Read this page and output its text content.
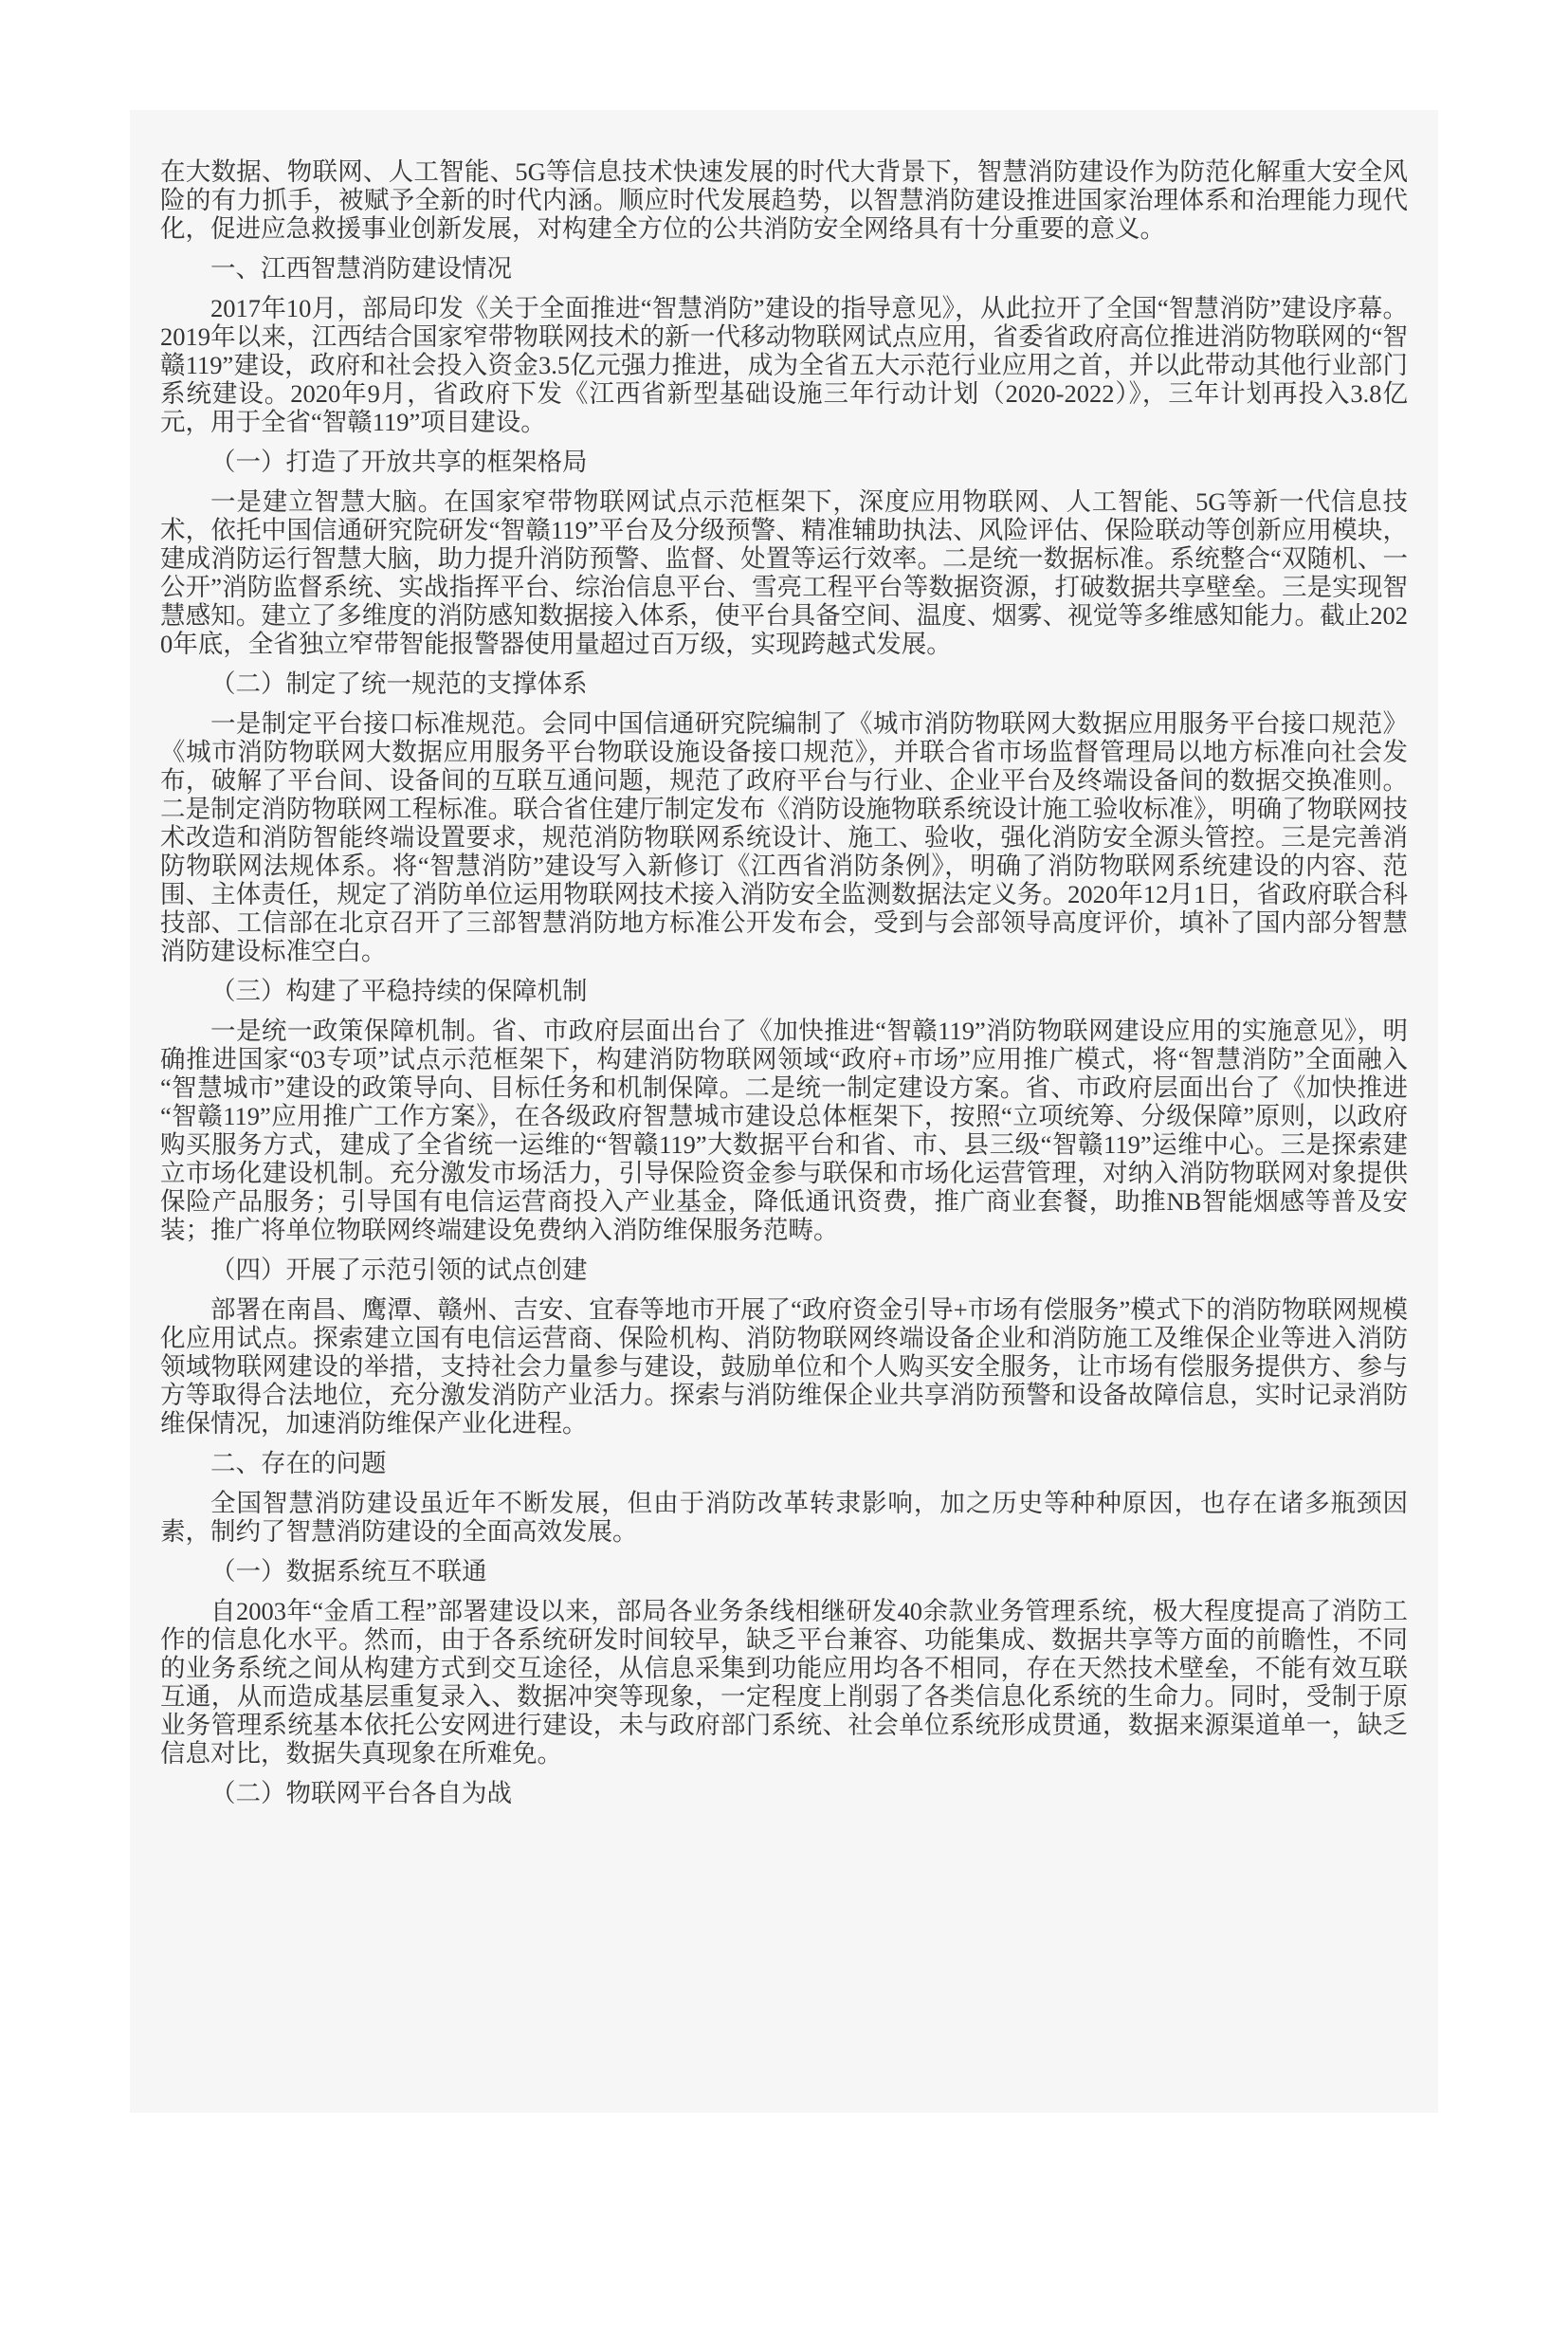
在大数据、物联网、人工智能、5G等信息技术快速发展的时代大背景下，智慧消防建设作为防范化解重大安全风险的有力抓手，被赋予全新的时代内涵。顺应时代发展趋势，以智慧消防建设推进国家治理体系和治理能力现代化，促进应急救援事业创新发展，对构建全方位的公共消防安全网络具有十分重要的意义。

一、江西智慧消防建设情况

2017年10月，部局印发《关于全面推进“智慧消防”建设的指导意见》，从此拉开了全国“智慧消防”建设序幕。2019年以来，江西结合国家窄带物联网技术的新一代移动物联网试点应用，省委省政府高位推进消防物联网的“智赣119”建设，政府和社会投入资金3.5亿元强力推进，成为全省五大示范行业应用之首，并以此带动其他行业部门系统建设。2020年9月，省政府下发《江西省新型基础设施三年行动计划（2020-2022）》，三年计划再投入3.8亿元，用于全省“智赣119”项目建设。

（一）打造了开放共享的框架格局

一是建立智慧大脑。在国家窄带物联网试点示范框架下，深度应用物联网、人工智能、5G等新一代信息技术，依托中国信通研究院研发“智赣119”平台及分级预警、精准辅助执法、风险评估、保险联动等创新应用模块，建成消防运行智慧大脑，助力提升消防预警、监督、处置等运行效率。二是统一数据标准。系统整合“双随机、一公开”消防监督系统、实战指挥平台、综治信息平台、雪亮工程平台等数据资源，打破数据共享壁垒。三是实现智慧感知。建立了多维度的消防感知数据接入体系，使平台具备空间、温度、烟雾、视觉等多维感知能力。截止2020年底，全省独立窄带智能报警器使用量超过百万级，实现跨越式发展。

（二）制定了统一规范的支撑体系

一是制定平台接口标准规范。会同中国信通研究院编制了《城市消防物联网大数据应用服务平台接口规范》《城市消防物联网大数据应用服务平台物联设施设备接口规范》，并联合省市场监督管理局以地方标准向社会发布，破解了平台间、设备间的互联互通问题，规范了政府平台与行业、企业平台及终端设备间的数据交换准则。二是制定消防物联网工程标准。联合省住建厅制定发布《消防设施物联系统设计施工验收标准》，明确了物联网技术改造和消防智能终端设置要求，规范消防物联网系统设计、施工、验收，强化消防安全源头管控。三是完善消防物联网法规体系。将“智慧消防”建设写入新修订《江西省消防条例》，明确了消防物联网系统建设的内容、范围、主体责任，规定了消防单位运用物联网技术接入消防安全监测数据法定义务。2020年12月1日，省政府联合科技部、工信部在北京召开了三部智慧消防地方标准公开发布会，受到与会部领导高度评价，填补了国内部分智慧消防建设标准空白。

（三）构建了平稳持续的保障机制

一是统一政策保障机制。省、市政府层面出台了《加快推进“智赣119”消防物联网建设应用的实施意见》，明确推进国家“03专项”试点示范框架下，构建消防物联网领域“政府+市场”应用推广模式，将“智慧消防”全面融入“智慧城市”建设的政策导向、目标任务和机制保障。二是统一制定建设方案。省、市政府层面出台了《加快推进“智赣119”应用推广工作方案》，在各级政府智慧城市建设总体框架下，按照“立项统筹、分级保障”原则，以政府购买服务方式，建成了全省统一运维的“智赣119”大数据平台和省、市、县三级“智赣119”运维中心。三是探索建立市场化建设机制。充分激发市场活力，引导保险资金参与联保和市场化运营管理，对纳入消防物联网对象提供保险产品服务；引导国有电信运营商投入产业基金，降低通讯资费，推广商业套餐，助推NB智能烟感等普及安装；推广将单位物联网终端建设免费纳入消防维保服务范畴。

（四）开展了示范引领的试点创建

部署在南昌、鹰潭、赣州、吉安、宜春等地市开展了“政府资金引导+市场有偿服务”模式下的消防物联网规模化应用试点。探索建立国有电信运营商、保险机构、消防物联网终端设备企业和消防施工及维保企业等进入消防领域物联网建设的举措，支持社会力量参与建设，鼓励单位和个人购买安全服务，让市场有偿服务提供方、参与方等取得合法地位，充分激发消防产业活力。探索与消防维保企业共享消防预警和设备故障信息，实时记录消防维保情况，加速消防维保产业化进程。

二、存在的问题

全国智慧消防建设虽近年不断发展，但由于消防改革转隶影响，加之历史等种种原因，也存在诸多瓶颈因素，制约了智慧消防建设的全面高效发展。

（一）数据系统互不联通

自2003年“金盾工程”部署建设以来，部局各业务条线相继研发40余款业务管理系统，极大程度提高了消防工作的信息化水平。然而，由于各系统研发时间较早，缺乏平台兼容、功能集成、数据共享等方面的前瞻性，不同的业务系统之间从构建方式到交互途径，从信息采集到功能应用均各不相同，存在天然技术壁垒，不能有效互联互通，从而造成基层重复录入、数据冲突等现象，一定程度上削弱了各类信息化系统的生命力。同时，受制于原业务管理系统基本依托公安网进行建设，未与政府部门系统、社会单位系统形成贯通，数据来源渠道单一，缺乏信息对比，数据失真现象在所难免。

（二）物联网平台各自为战
